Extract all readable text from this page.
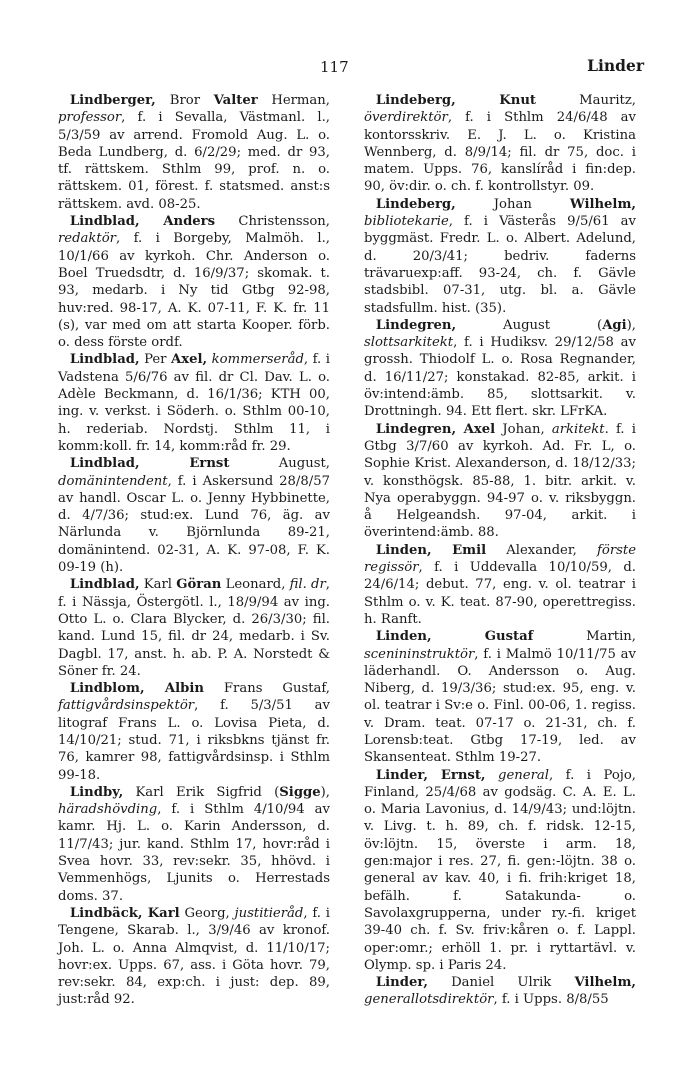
117	Linder

Lindberger, Bror Valter Herman, professor, f. i Sevalla, Västmanl. l., 5/3/59 av arrend. Fromold Aug. L. o. Beda Lundberg, d. 6/2/29; med. dr 93, tf. rättskem. Sthlm 99, prof. n. o. rättskem. 01, förest. f. statsmed. anst:s rättskem. avd. 08-25.

Lindblad, Anders Christensson, redaktör, f. i Borgeby, Malmöh. l., 10/1/66 av kyrkoh. Chr. Anderson o. Boel Truedsdtr, d. 16/9/37; skomak. t. 93, medarb. i Ny tid Gtbg 92-98, huv:red. 98-17, A. K. 07-11, F. K. fr. 11 (s), var med om att starta Kooper. förb. o. dess förste ordf.

Lindblad, Per Axel, kommerseråd, f. i Vadstena 5/6/76 av fil. dr Cl. Dav. L. o. Adèle Beckmann, d. 16/1/36; KTH 00, ing. v. verkst. i Söderh. o. Sthlm 00-10, h. rederiab. Nordstj. Sthlm 11, i komm:koll. fr. 14, komm:råd fr. 29.

Lindblad, Ernst August, domänintendent, f. i Askersund 28/8/57 av handl. Oscar L. o. Jenny Hybbinette, d. 4/7/36; stud:ex. Lund 76, äg. av Närlunda v. Björnlunda 89-21, domänintend. 02-31, A. K. 97-08, F. K. 09-19 (h).

Lindblad, Karl Göran Leonard, fil. dr, f. i Nässja, Östergötl. l., 18/9/94 av ing. Otto L. o. Clara Blycker, d. 26/3/30; fil. kand. Lund 15, fil. dr 24, medarb. i Sv. Dagbl. 17, anst. h. ab. P. A. Norstedt & Söner fr. 24.

Lindblom, Albin Frans Gustaf, fattigvårdsinspektör, f. 5/3/51 av litograf Frans L. o. Lovisa Pieta, d. 14/10/21; stud. 71, i riksbkns tjänst fr. 76, kamrer 98, fattigvårdsinsp. i Sthlm 99-18.

Lindby, Karl Erik Sigfrid (Sigge), häradshövding, f. i Sthlm 4/10/94 av kamr. Hj. L. o. Karin Andersson, d. 11/7/43; jur. kand. Sthlm 17, hovr:råd i Svea hovr. 33, rev:sekr. 35, hhövd. i Vemmenhögs, Ljunits o. Herrestads doms. 37.

Lindbäck, Karl Georg, justitieråd, f. i Tengene, Skarab. l., 3/9/46 av kronof. Joh. L. o. Anna Almqvist, d. 11/10/17; hovr:ex. Upps. 67, ass. i Göta hovr. 79, rev:sekr. 84, exp:ch. i just: dep. 89, just:råd 92.

Lindeberg, Knut Mauritz, överdirektör, f. i Sthlm 24/6/48 av kontorsskriv. E. J. L. o. Kristina Wennberg, d. 8/9/14; fil. dr 75, doc. i matem. Upps. 76, kanslíråd i fin:dep. 90, öv:dir. o. ch. f. kontrollstyr. 09.

Lindeberg, Johan Wilhelm, bibliotekarie, f. i Västerås 9/5/61 av byggmäst. Fredr. L. o. Albert. Adelund, d. 20/3/41; bedriv. faderns trävaruexp:aff. 93-24, ch. f. Gävle stadsbibl. 07-31, utg. bl. a. Gävle stadsfullm. hist. (35).

Lindegren, August (Agi), slottsarkitekt, f. i Hudiksv. 29/12/58 av grossh. Thiodolf L. o. Rosa Regnander, d. 16/11/27; konstakad. 82-85, arkit. i öv:intend:ämb. 85, slottsarkit. v. Drottningh. 94. Ett flert. skr. LFrKA.

Lindegren, Axel Johan, arkitekt. f. i Gtbg 3/7/60 av kyrkoh. Ad. Fr. L, o. Sophie Krist. Alexanderson, d. 18/12/33; v. konsthögsk. 85-88, 1. bitr. arkit. v. Nya operabyggn. 94-97 o. v. riksbyggn. å Helgeandsh. 97-04, arkit. i överintend:ämb. 88.

Linden, Emil Alexander, förste regissör, f. i Uddevalla 10/10/59, d. 24/6/14; debut. 77, eng. v. ol. teatrar i Sthlm o. v. K. teat. 87-90, operettregiss. h. Ranft.

Linden, Gustaf Martin, scenininstruktör, f. i Malmö 10/11/75 av läderhandl. O. Andersson o. Aug. Niberg, d. 19/3/36; stud:ex. 95, eng. v. ol. teatrar i Sv:e o. Finl. 00-06, 1. regiss. v. Dram. teat. 07-17 o. 21-31, ch. f. Lorensb:teat. Gtbg 17-19, led. av Skansenteat. Sthlm 19-27.

Linder, Ernst, general, f. i Pojo, Finland, 25/4/68 av godsäg. C. A. E. L. o. Maria Lavonius, d. 14/9/43; und:löjtn. v. Livg. t. h. 89, ch. f. ridsk. 12-15, öv:löjtn. 15, överste i arm. 18, gen:major i res. 27, fi. gen:-löjtn. 38 o. general av kav. 40, i fi. frih:kriget 18, befälh. f. Satakunda- o. Savolaxgrupperna, under ry.-fi. kriget 39-40 ch. f. Sv. friv:kåren o. f. Lappl. oper:omr.; erhöll 1. pr. i ryttartävl. v. Olymp. sp. i Paris 24.

Linder, Daniel Ulrik Vilhelm, generallotsdirektör, f. i Upps. 8/8/55
